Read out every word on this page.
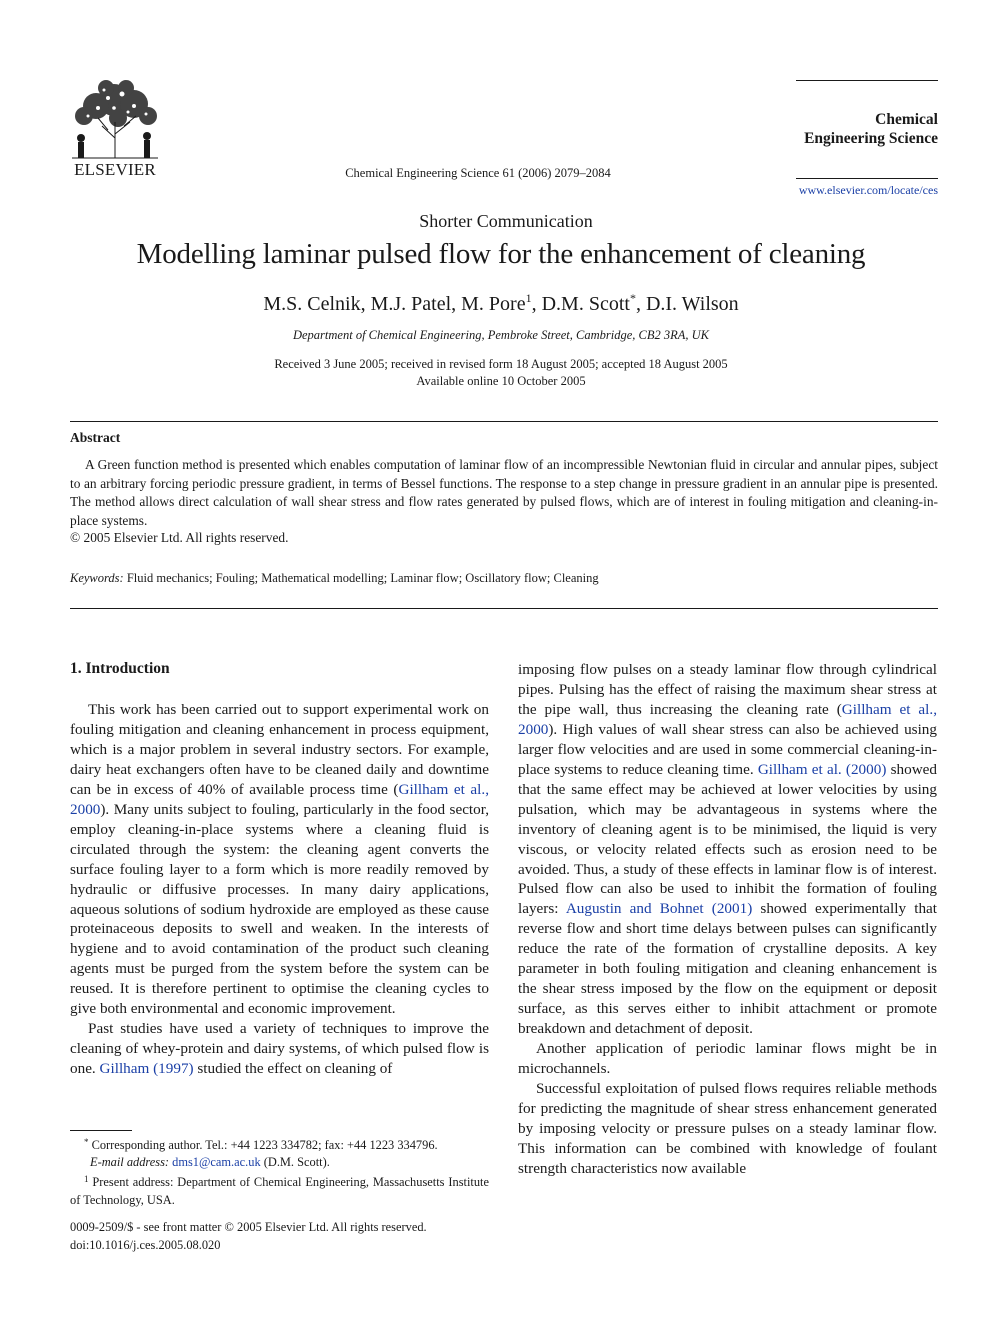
ELSEVIER	Chemical Engineering Science 61 (2006) 2079–2084
Chemical
Engineering Science
www.elsevier.com/locate/ces
Shorter Communication
Modelling laminar pulsed flow for the enhancement of cleaning
M.S. Celnik, M.J. Patel, M. Pore$^1$, D.M. Scott*, D.I. Wilson
Department of Chemical Engineering, Pembroke Street, Cambridge, CB2 3RA, UK
Received 3 June 2005; received in revised form 18 August 2005; accepted 18 August 2005
Available online 10 October 2005
Abstract

A Green function method is presented which enables computation of laminar flow of an incompressible Newtonian fluid in circular and annular pipes, subject to an arbitrary forcing periodic pressure gradient, in terms of Bessel functions. The response to a step change in pressure gradient in an annular pipe is presented. The method allows direct calculation of wall shear stress and flow rates generated by pulsed flows, which are of interest in fouling mitigation and cleaning-in-place systems.

© 2005 Elsevier Ltd. All rights reserved.
Keywords: Fluid mechanics; Fouling; Mathematical modelling; Laminar flow; Oscillatory flow; Cleaning
1. Introduction

This work has been carried out to support experimental work on fouling mitigation and cleaning enhancement in process equipment, which is a major problem in several industry sectors. For example, dairy heat exchangers often have to be cleaned daily and downtime can be in excess of 40% of available process time (Gillham et al., 2000). Many units subject to fouling, particularly in the food sector, employ cleaning-in-place systems where a cleaning fluid is circulated through the system: the cleaning agent converts the surface fouling layer to a form which is more readily removed by hydraulic or diffusive processes. In many dairy applications, aqueous solutions of sodium hydroxide are employed as these cause proteinaceous deposits to swell and weaken. In the interests of hygiene and to avoid contamination of the product such cleaning agents must be purged from the system before the system can be reused. It is therefore pertinent to optimise the cleaning cycles to give both environmental and economic improvement.

Past studies have used a variety of techniques to improve the cleaning of whey-protein and dairy systems, of which pulsed flow is one. Gillham (1997) studied the effect on cleaning of

imposing flow pulses on a steady laminar flow through cylindrical pipes. Pulsing has the effect of raising the maximum shear stress at the pipe wall, thus increasing the cleaning rate (Gillham et al., 2000). High values of wall shear stress can also be achieved using larger flow velocities and are used in some commercial cleaning-in-place systems to reduce cleaning time. Gillham et al. (2000) showed that the same effect may be achieved at lower velocities by using pulsation, which may be advantageous in systems where the inventory of cleaning agent is to be minimised, the liquid is very viscous, or velocity related effects such as erosion need to be avoided. Thus, a study of these effects in laminar flow is of interest. Pulsed flow can also be used to inhibit the formation of fouling layers: Augustin and Bohnet (2001) showed experimentally that reverse flow and short time delays between pulses can significantly reduce the rate of the formation of crystalline deposits. A key parameter in both fouling mitigation and cleaning enhancement is the shear stress imposed by the flow on the equipment or deposit surface, as this serves either to inhibit attachment or promote breakdown and detachment of deposit.

Another application of periodic laminar flows might be in microchannels.

Successful exploitation of pulsed flows requires reliable methods for predicting the magnitude of shear stress enhancement generated by imposing velocity or pressure pulses on a steady laminar flow. This information can be combined with knowledge of foulant strength characteristics now available

* Corresponding author. Tel.: +44 1223 334782; fax: +44 1223 334796.

E-mail address: dms1@cam.ac.uk (D.M. Scott).

$^1$ Present address: Department of Chemical Engineering, Massachusetts Institute of Technology, USA.

0009-2509/$ - see front matter © 2005 Elsevier Ltd. All rights reserved.
doi:10.1016/j.ces.2005.08.020
